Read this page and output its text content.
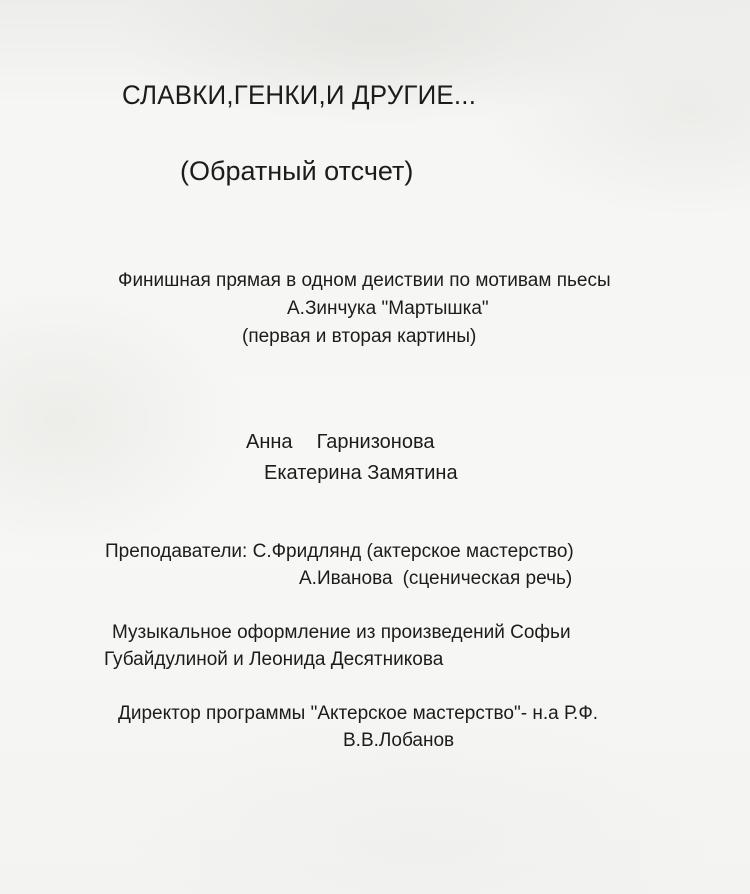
СЛАВКИ,ГЕНКИ,И ДРУГИЕ...

(Обратный отсчет)

Финишная прямая в одном деиствии по мотивам пьесы

А.Зинчука "Мартышка"

(первая и вторая картины)

Анна Гарнизонова

Екатерина Замятина

Преподаватели: С.Фридлянд (актерское мастерство)

А.Иванова (сценическая речь)

Музыкальное оформление из произведений Софьи

Губайдулиной и Леонида Десятникова

Директор программы "Актерское мастерство"- н.а Р.Ф.

В.В.Лобанов
